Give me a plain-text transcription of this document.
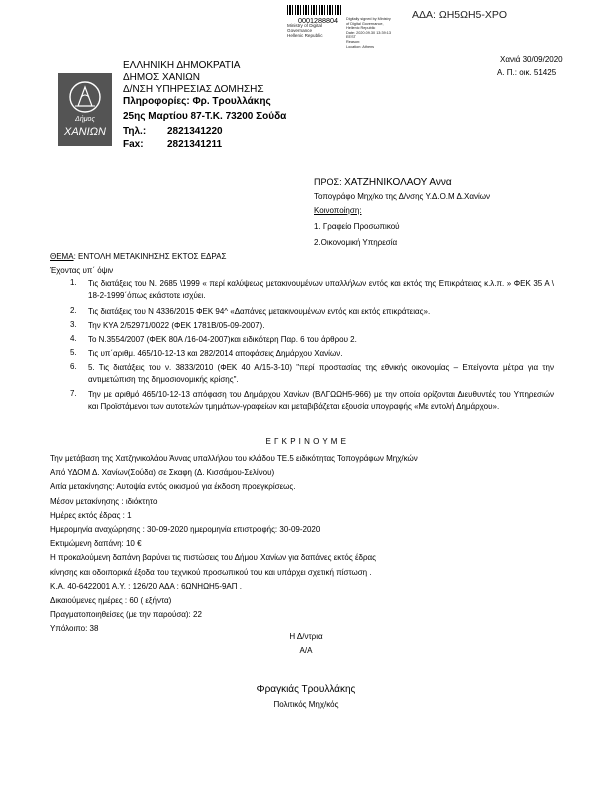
0001288804
Ministry of Digital
Governance
Hellenic Republic
Digitally signed by Ministry
of Digital Governance,
Hellenic Republic
Date: 2020.09.30 13:39:13
EEST
Reason:
Location: Athens
ΑΔΑ: ΩΗ5ΩΗ5-ΧΡΟ
Χανιά 30/09/2020
Α. Π.: οικ. 51425
Δήμος
ΧΑΝΙΩΝ
ΕΛΛΗΝΙΚΗ ΔΗΜΟΚΡΑΤΙΑ
ΔΗΜΟΣ ΧΑΝΙΩΝ
Δ/ΝΣΗ ΥΠΗΡΕΣΙΑΣ ΔΟΜΗΣΗΣ
Πληροφορίες: Φρ. Τρουλλάκης
25ης Μαρτίου 87-Τ.Κ. 73200 Σούδα
Τηλ.: 2821341220
Fax: 2821341211
ΠΡΟΣ: ΧΑΤΖΗΝΙΚΟΛΑΟΥ Αννα
Τοπογράφο Μηχ/κο της Δ/νσης Υ.Δ.Ο.Μ Δ.Χανίων
Κοινοποίηση:
1. Γραφείο Προσωπικού
2.Οικονομική Υπηρεσία
ΘΕΜΑ: ΕΝΤΟΛΗ ΜΕΤΑΚΙΝΗΣΗΣ ΕΚΤΟΣ ΕΔΡΑΣ
Έχοντας υπ΄ όψιν
1. Τις διατάξεις του Ν. 2685 \1999 « περί καλύψεως μετακινουμένων υπαλλήλων εντός και εκτός της Επικράτειας κ.λ.π. » ΦΕΚ 35 Α \ 18-2-1999΄όπως εκάστοτε ισχύει.
2. Τις διατάξεις του Ν 4336/2015 ΦΕΚ 94^ «Δαπάνες μετακινουμένων εντός και εκτός επικράτειας».
3. Την ΚΥΑ 2/52971/0022 (ΦΕΚ 1781Β/05-09-2007).
4. Το Ν.3554/2007 (ΦΕΚ 80Α /16-04-2007)και ειδικότερη Παρ. 6 του άρθρου 2.
5. Τις υπ΄αριθμ. 465/10-12-13 και 282/2014 αποφάσεις Δημάρχου Χανίων.
6. 5. Τις διατάξεις του ν. 3833/2010 (ΦΕΚ 40 Α/15-3-10) "περί προστασίας της εθνικής οικονομίας – Επείγοντα μέτρα για την αντιμετώπιση της δημοσιονομικής κρίσης".
7. Την με αριθμό 465/10-12-13 απόφαση του Δημάρχου Χανίων (ΒΛΓΩΩΗ5-966) με την οποία ορίζονται Διευθυντές του Υπηρεσιών και Προϊστάμενοι των αυτοτελών τμημάτων-γραφείων και μεταβιβάζεται εξουσία υπογραφής «Με εντολή Δημάρχου».
Ε Γ Κ Ρ Ι Ν Ο Υ Μ Ε
Την μετάβαση της Χατζηνικολάου Άννας υπαλλήλου του κλάδου ΤΕ.5 ειδικότητας Τοπογράφων Μηχ/κών
Από ΥΔΟΜ Δ. Χανίων(Σούδα) σε Σκαφη (Δ. Κισσάμου-Σελίνου)
Αιτία μετακίνησης: Αυτοψία εντός οικισμού για έκδοση προεγκρίσεως.
Μέσον μετακίνησης : ιδιόκτητο
Ημέρες εκτός έδρας : 1
Ημερομηνία αναχώρησης : 30-09-2020 ημερομηνία επιστροφής: 30-09-2020
Εκτιμώμενη δαπάνη: 10 €
Η προκαλούμενη δαπάνη βαρύνει τις πιστώσεις του Δήμου Χανίων για δαπάνες εκτός έδρας
κίνησης και οδοιπορικά έξοδα του τεχνικού προσωπικού του και υπάρχει σχετική πίστωση .
Κ.Α. 40-6422001 Α.Υ. : 126/20 ΑΔΑ : 6ΩΝΗΩΗ5-9ΑΠ .
Δικαιούμενες ημέρες : 60 ( εξήντα)
Πραγματοποιηθείσες (με την παρούσα): 22
Υπόλοιπο: 38
Η Δ/ντρια
Α/Α
Φραγκιάς Τρουλλάκης
Πολιτικός Μηχ/κός
